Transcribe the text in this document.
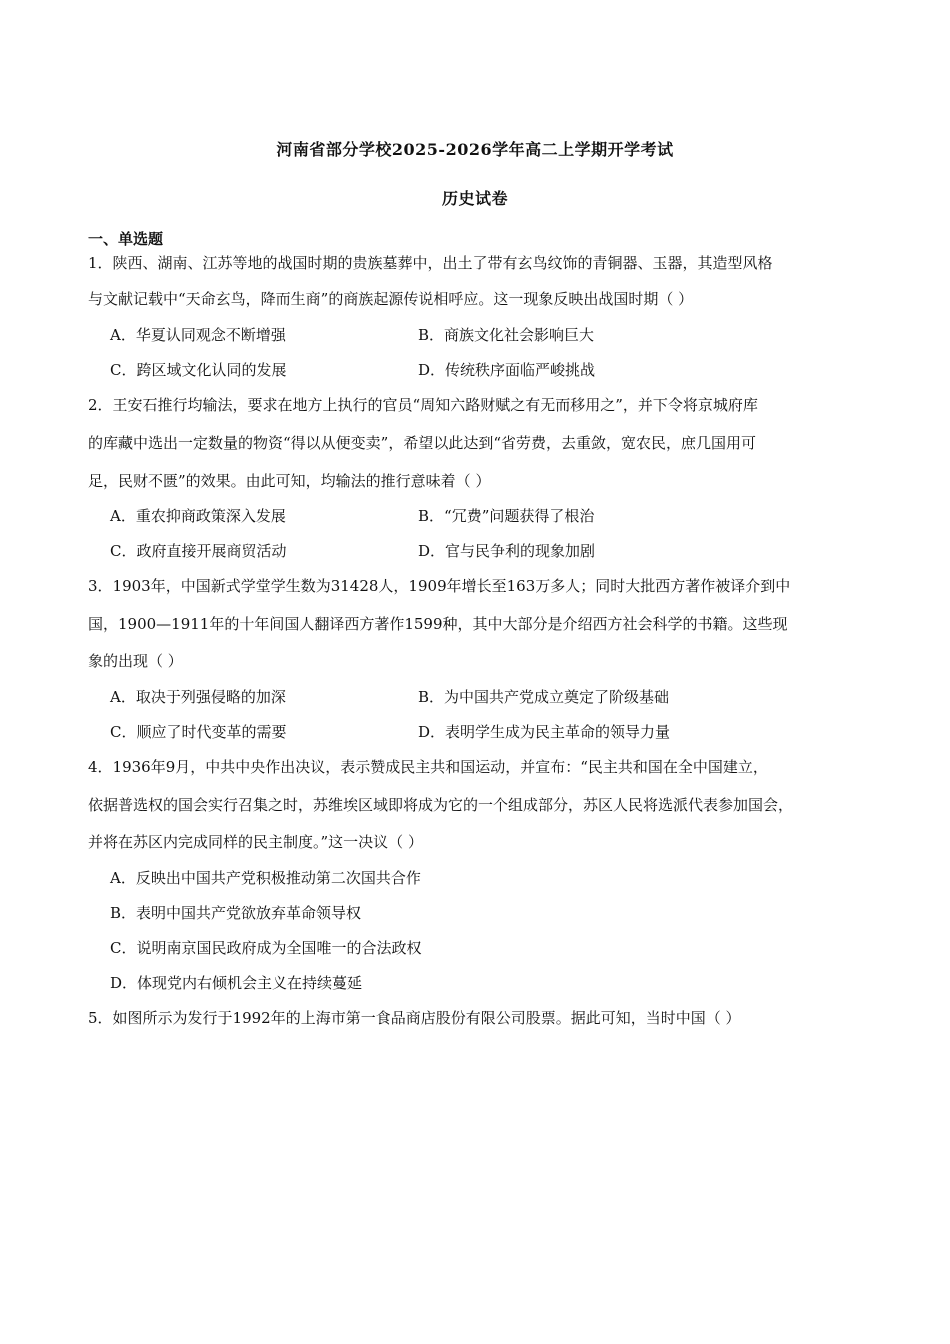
河南省部分学校2025-2026学年高二上学期开学考试
历史试卷
一、单选题
1．陕西、湖南、江苏等地的战国时期的贵族墓葬中，出土了带有玄鸟纹饰的青铜器、玉器，其造型风格
与文献记载中“天命玄鸟，降而生商”的商族起源传说相呼应。这一现象反映出战国时期（ ）
A．华夏认同观念不断增强	B．商族文化社会影响巨大
C．跨区域文化认同的发展	D．传统秩序面临严峻挑战
2．王安石推行均输法，要求在地方上执行的官员“周知六路财赋之有无而移用之”，并下令将京城府库
的库藏中选出一定数量的物资“得以从便变卖”，希望以此达到“省劳费，去重敛，宽农民，庶几国用可
足，民财不匮”的效果。由此可知，均输法的推行意味着（ ）
A．重农抑商政策深入发展	B．“冗费”问题获得了根治
C．政府直接开展商贸活动	D．官与民争利的现象加剧
3．1903年，中国新式学堂学生数为31428人，1909年增长至163万多人；同时大批西方著作被译介到中
国，1900—1911年的十年间国人翻译西方著作1599种，其中大部分是介绍西方社会科学的书籍。这些现
象的出现（ ）
A．取决于列强侵略的加深	B．为中国共产党成立奠定了阶级基础
C．顺应了时代变革的需要	D．表明学生成为民主革命的领导力量
4．1936年9月，中共中央作出决议，表示赞成民主共和国运动，并宣布：“民主共和国在全中国建立，
依据普选权的国会实行召集之时，苏维埃区域即将成为它的一个组成部分，苏区人民将选派代表参加国会，
并将在苏区内完成同样的民主制度。”这一决议（ ）
A．反映出中国共产党积极推动第二次国共合作
B．表明中国共产党欲放弃革命领导权
C．说明南京国民政府成为全国唯一的合法政权
D．体现党内右倾机会主义在持续蔓延
5．如图所示为发行于1992年的上海市第一食品商店股份有限公司股票。据此可知，当时中国（ ）
